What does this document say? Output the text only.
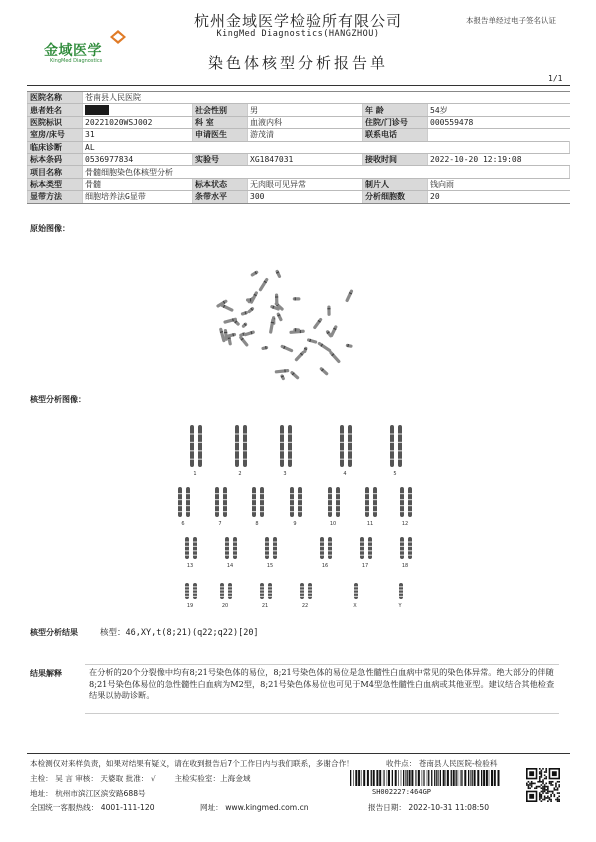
杭州金域医学检验所有限公司
KingMed Diagnostics(HANGZHOU)
本报告单经过电子签名认证
金域医学
KingMed Diagnostics	染色体核型分析报告单
1/1
医院名称	苍南县人民医院					
患者姓名		社会性别	男	年 龄	54岁	
医院标识	20221020WSJ002	科 室	血液内科	住院/门诊号	000559478	
室房/床号	31	申请医生	游茂清	联系电话		
临床诊断	AL		
标本条码	0536977834	实验号	XG1847031	接收时间	2022-10-20 12:19:08	
项目名称	骨髓细胞染色体核型分析		
标本类型	骨髓	标本状态	无肉眼可见异常	制片人	钱向雨	
显带方法	细胞培养法G显带	条带水平	300	分析细胞数	20	
原始图像：
核型分析图像：
1	2	3	4	5
6	7	8	9	10	11	12
13	14	15	16	17	18
19	20	21	22	X	Y
核型分析结果	核型：46,XY,t(8;21)(q22;q22)[20]
结果解释	在分析的20个分裂像中均有8;21号染色体的易位，8;21号染色体的易位是急性髓性白血病中常见的染色体异常。绝大部分的伴随8;21号染色体易位的急性髓性白血病为M2型，8;21号染色体易位也可见于M4型急性髓性白血病或其他亚型。建议结合其他检查结果以协助诊断。
本检测仅对来样负责，如果对结果有疑义，请在收到报告后7个工作日内与我们联系，多谢合作！	收件点： 苍南县人民医院-检验科
主检： 吴 言 审核： 天婆取 批准： √ 主检实验室：上海金域
地址： 杭州市滨江区滨安路688号
全国统一客服热线： 4001-111-120	网址： www.kingmed.com.cn	报告日期： 2022-10-31 11:08:50
SH002227:464GP
